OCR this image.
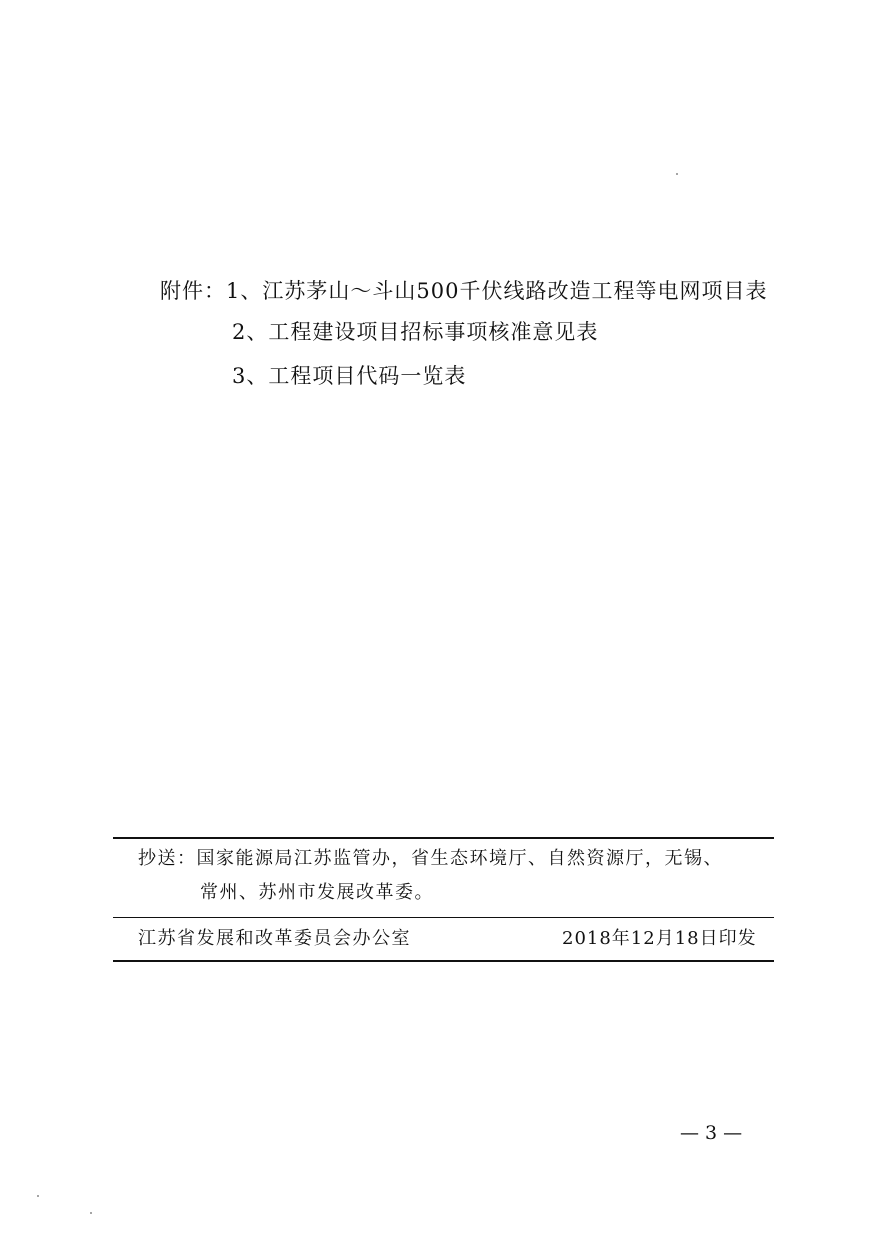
附件：1、江苏茅山～斗山500千伏线路改造工程等电网项目表
2、工程建设项目招标事项核准意见表
3、工程项目代码一览表
抄送：国家能源局江苏监管办，省生态环境厅、自然资源厅，无锡、
常州、苏州市发展改革委。
江苏省发展和改革委员会办公室	2018年12月18日印发
— 3 —
